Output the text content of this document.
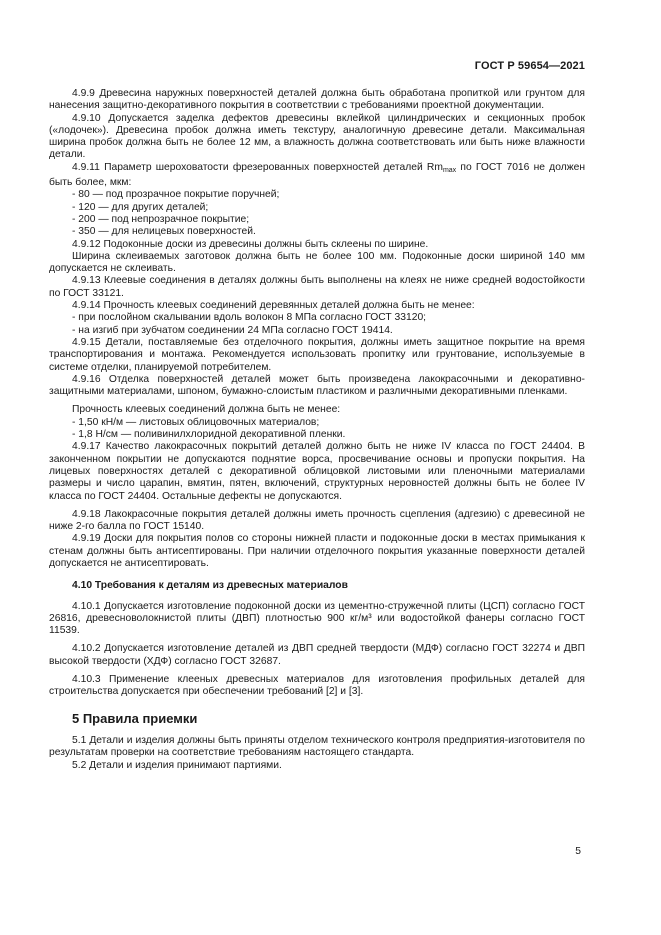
ГОСТ Р 59654—2021

4.9.9 Древесина наружных поверхностей деталей должна быть обработана пропиткой или грунтом для нанесения защитно-декоративного покрытия в соответствии с требованиями проектной документации.

4.9.10 Допускается заделка дефектов древесины вклейкой цилиндрических и секционных пробок («лодочек»). Древесина пробок должна иметь текстуру, аналогичную древесине детали. Максимальная ширина пробок должна быть не более 12 мм, а влажность должна соответствовать или быть ниже влажности детали.

4.9.11 Параметр шероховатости фрезерованных поверхностей деталей $Rm_{max}$ по ГОСТ 7016 не должен быть более, мкм:

- 80 — под прозрачное покрытие поручней;

- 120 — для других деталей;

- 200 — под непрозрачное покрытие;

- 350 — для нелицевых поверхностей.

4.9.12 Подоконные доски из древесины должны быть склеены по ширине.

Ширина склеиваемых заготовок должна быть не более 100 мм. Подоконные доски шириной 140 мм допускается не склеивать.

4.9.13 Клеевые соединения в деталях должны быть выполнены на клеях не ниже средней водостойкости по ГОСТ 33121.

4.9.14 Прочность клеевых соединений деревянных деталей должна быть не менее:

- при послойном скалывании вдоль волокон 8 МПа согласно ГОСТ 33120;

- на изгиб при зубчатом соединении 24 МПа согласно ГОСТ 19414.

4.9.15 Детали, поставляемые без отделочного покрытия, должны иметь защитное покрытие на время транспортирования и монтажа. Рекомендуется использовать пропитку или грунтование, используемые в системе отделки, планируемой потребителем.

4.9.16 Отделка поверхностей деталей может быть произведена лакокрасочными и декоративно-защитными материалами, шпоном, бумажно-слоистым пластиком и различными декоративными пленками.

Прочность клеевых соединений должна быть не менее:

- 1,50 кН/м — листовых облицовочных материалов;

- 1,8 Н/см — поливинилхлоридной декоративной пленки.

4.9.17 Качество лакокрасочных покрытий деталей должно быть не ниже IV класса по ГОСТ 24404. В законченном покрытии не допускаются поднятие ворса, просвечивание основы и пропуски покрытия. На лицевых поверхностях деталей с декоративной облицовкой листовыми или пленочными материалами размеры и число царапин, вмятин, пятен, включений, структурных неровностей должны быть не более IV класса по ГОСТ 24404. Остальные дефекты не допускаются.

4.9.18 Лакокрасочные покрытия деталей должны иметь прочность сцепления (адгезию) с древесиной не ниже 2-го балла по ГОСТ 15140.

4.9.19 Доски для покрытия полов со стороны нижней пласти и подоконные доски в местах примыкания к стенам должны быть антисептированы. При наличии отделочного покрытия указанные поверхности деталей допускается не антисептировать.

4.10 Требования к деталям из древесных материалов

4.10.1 Допускается изготовление подоконной доски из цементно-стружечной плиты (ЦСП) согласно ГОСТ 26816, древесноволокнистой плиты (ДВП) плотностью 900 кг/м³ или водостойкой фанеры согласно ГОСТ 11539.

4.10.2 Допускается изготовление деталей из ДВП средней твердости (МДФ) согласно ГОСТ 32274 и ДВП высокой твердости (ХДФ) согласно ГОСТ 32687.

4.10.3 Применение клееных древесных материалов для изготовления профильных деталей для строительства допускается при обеспечении требований [2] и [3].

5 Правила приемки

5.1 Детали и изделия должны быть приняты отделом технического контроля предприятия-изготовителя по результатам проверки на соответствие требованиям настоящего стандарта.

5.2 Детали и изделия принимают партиями.

5
